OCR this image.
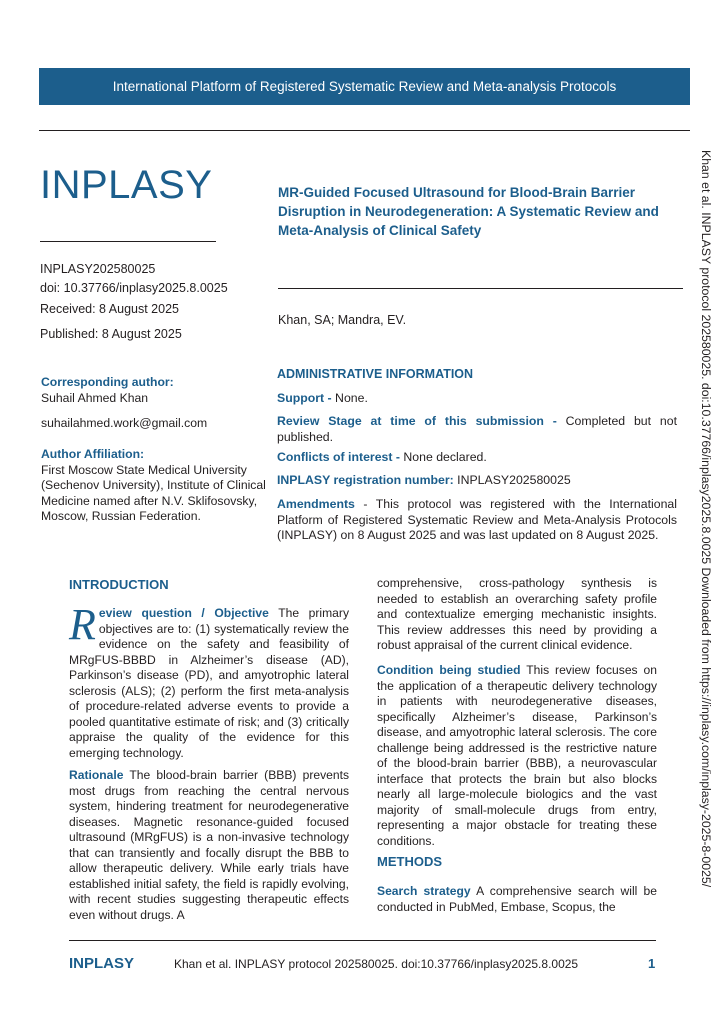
International Platform of Registered Systematic Review and Meta-analysis Protocols
INPLASY
INPLASY202580025
doi: 10.37766/inplasy2025.8.0025
Received: 8 August 2025
Published: 8 August 2025
MR-Guided Focused Ultrasound for Blood-Brain Barrier Disruption in Neurodegeneration: A Systematic Review and Meta-Analysis of Clinical Safety
Khan, SA; Mandra, EV.
Corresponding author:
Suhail Ahmed Khan
suhailahmed.work@gmail.com
Author Affiliation:
First Moscow State Medical University (Sechenov University), Institute of Clinical Medicine named after N.V. Sklifosovsky, Moscow, Russian Federation.
ADMINISTRATIVE INFORMATION
Support - None.
Review Stage at time of this submission - Completed but not published.
Conflicts of interest - None declared.
INPLASY registration number: INPLASY202580025
Amendments - This protocol was registered with the International Platform of Registered Systematic Review and Meta-Analysis Protocols (INPLASY) on 8 August 2025 and was last updated on 8 August 2025.
INTRODUCTION
Review question / Objective The primary objectives are to: (1) systematically review the evidence on the safety and feasibility of MRgFUS-BBBD in Alzheimer’s disease (AD), Parkinson’s disease (PD), and amyotrophic lateral sclerosis (ALS); (2) perform the first meta-analysis of procedure-related adverse events to provide a pooled quantitative estimate of risk; and (3) critically appraise the quality of the evidence for this emerging technology.
Rationale The blood-brain barrier (BBB) prevents most drugs from reaching the central nervous system, hindering treatment for neurodegenerative diseases. Magnetic resonance-guided focused ultrasound (MRgFUS) is a non-invasive technology that can transiently and focally disrupt the BBB to allow therapeutic delivery. While early trials have established initial safety, the field is rapidly evolving, with recent studies suggesting therapeutic effects even without drugs. A
comprehensive, cross-pathology synthesis is needed to establish an overarching safety profile and contextualize emerging mechanistic insights. This review addresses this need by providing a robust appraisal of the current clinical evidence.
Condition being studied This review focuses on the application of a therapeutic delivery technology in patients with neurodegenerative diseases, specifically Alzheimer’s disease, Parkinson’s disease, and amyotrophic lateral sclerosis. The core challenge being addressed is the restrictive nature of the blood-brain barrier (BBB), a neurovascular interface that protects the brain but also blocks nearly all large-molecule biologics and the vast majority of small-molecule drugs from entry, representing a major obstacle for treating these conditions.
METHODS
Search strategy A comprehensive search will be conducted in PubMed, Embase, Scopus, the
INPLASY	Khan et al. INPLASY protocol 202580025. doi:10.37766/inplasy2025.8.0025	1
Khan et al. INPLASY protocol 202580025. doi:10.37766/inplasy2025.8.0025 Downloaded from https://inplasy.com/inplasy-2025-8-0025/
